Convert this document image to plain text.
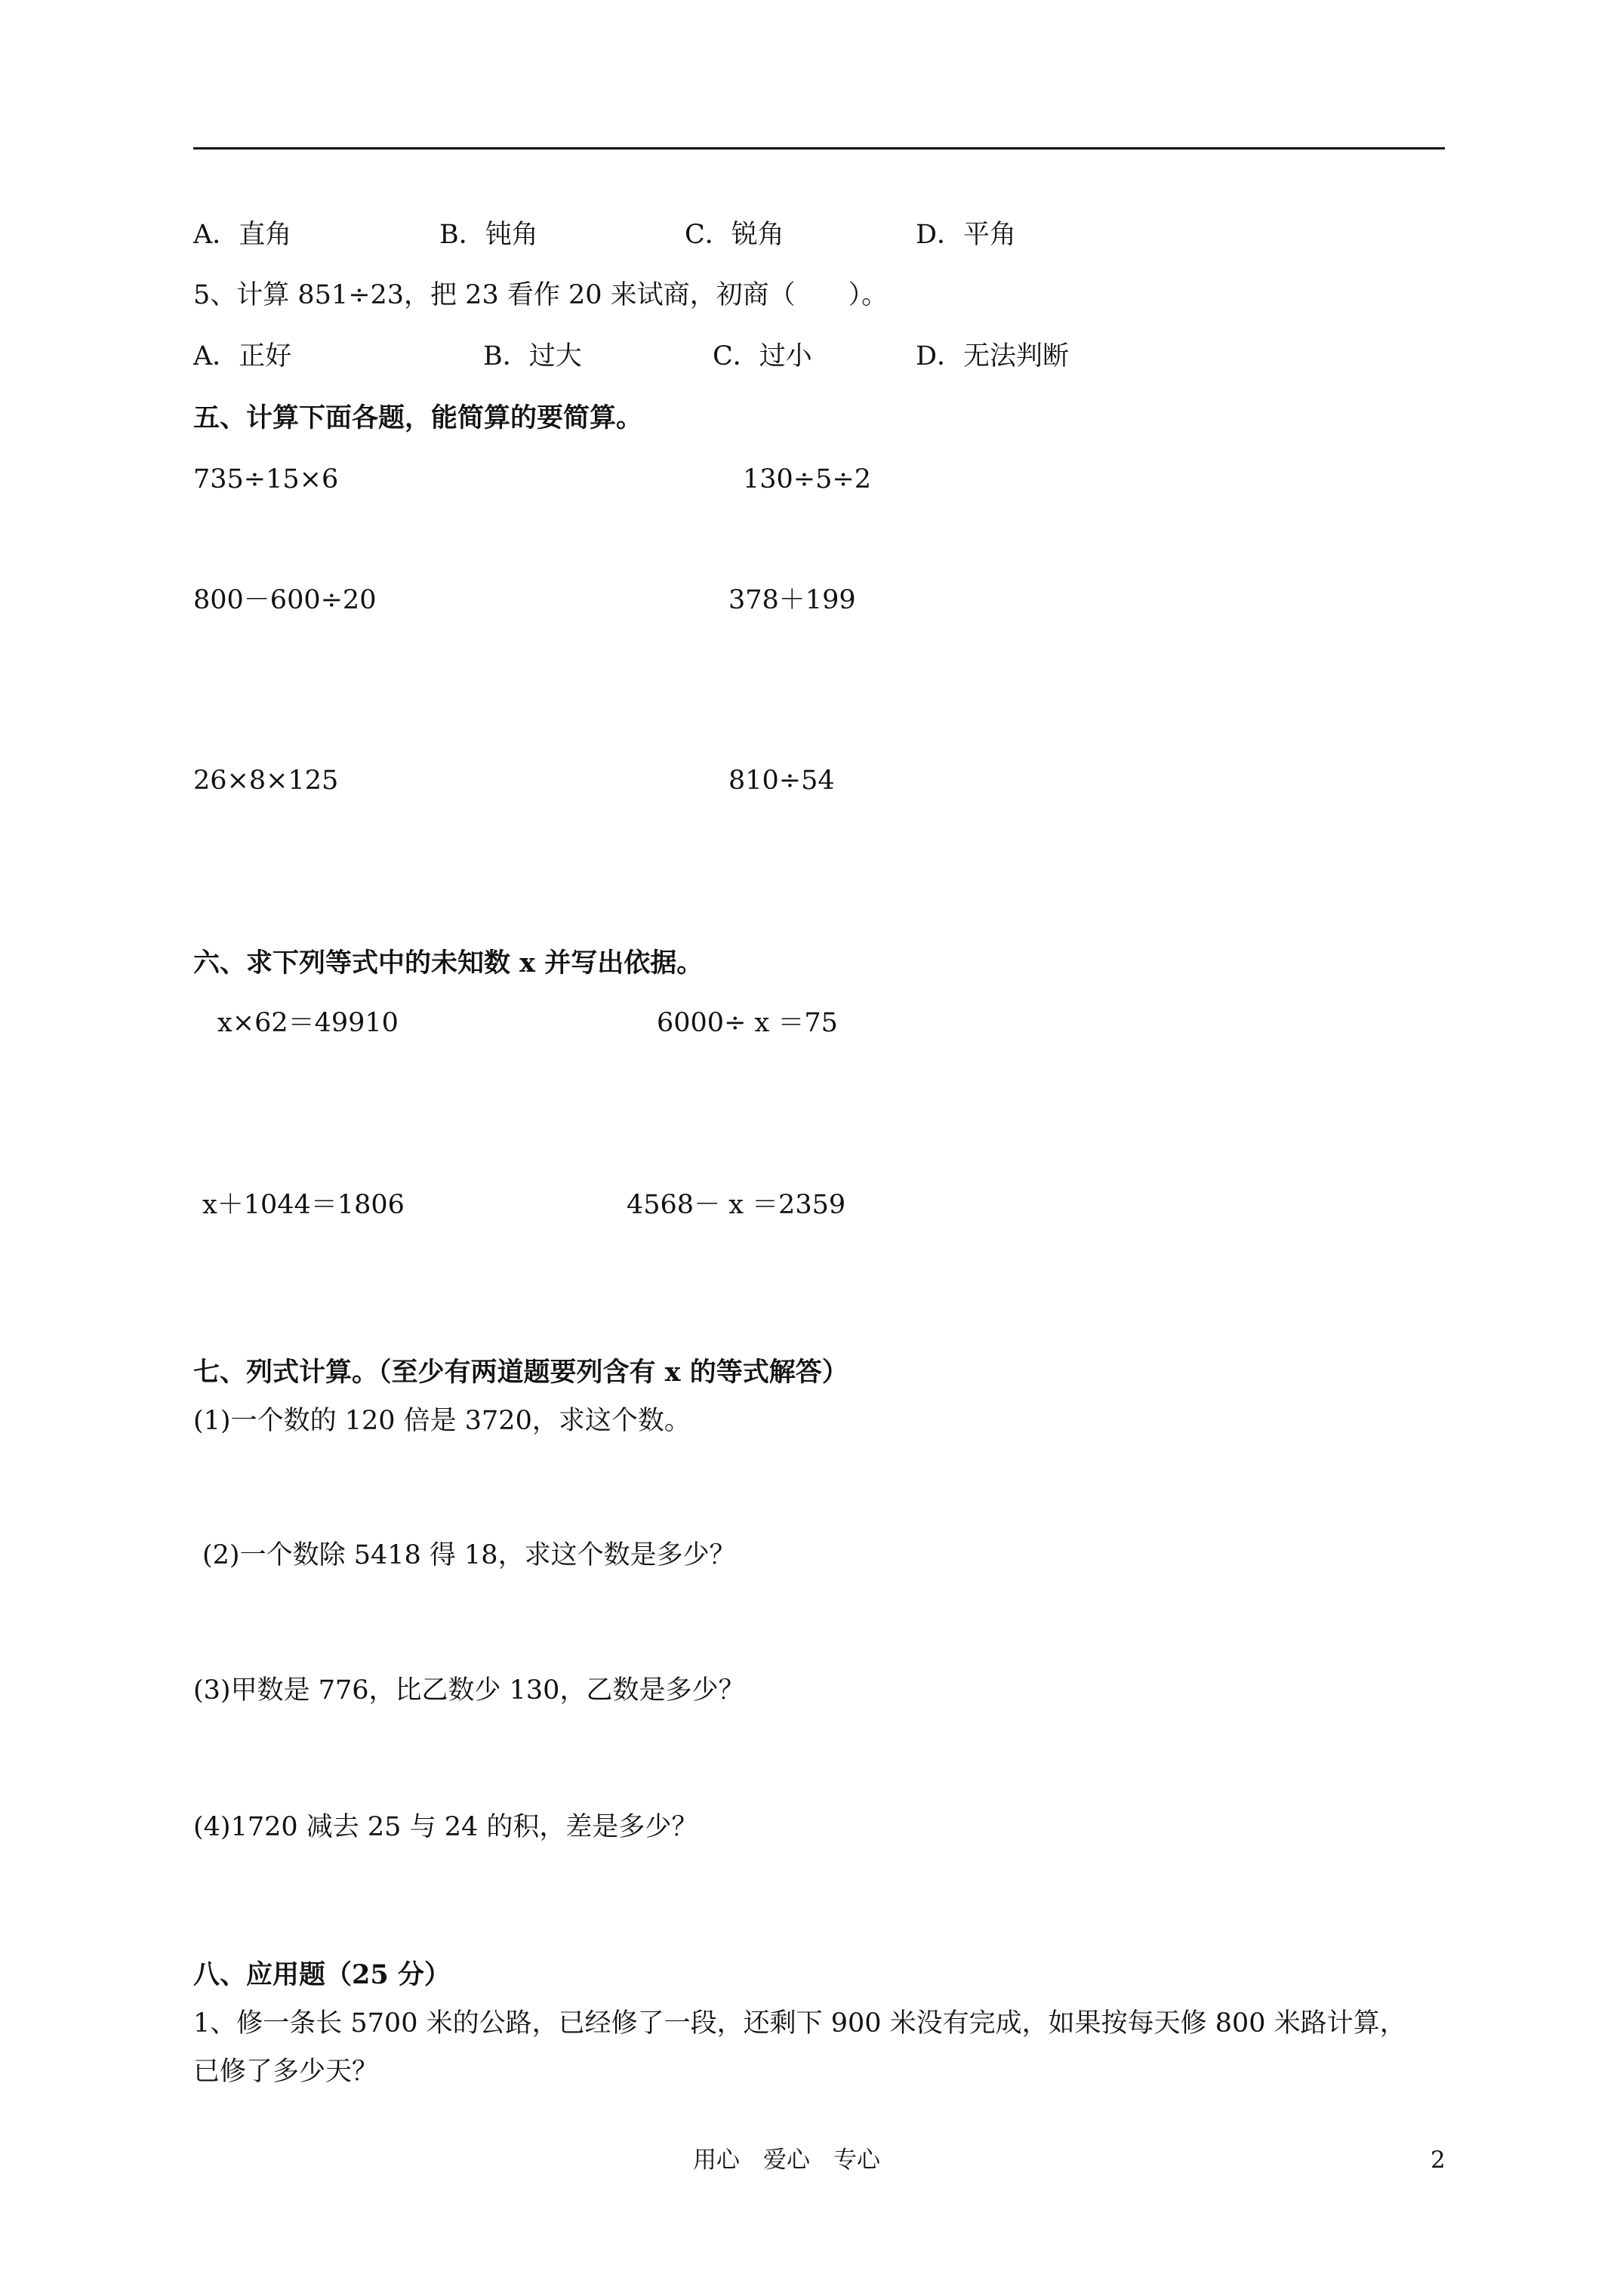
A．直角	B．钝角	C．锐角	D．平角
5、计算 851÷23，把 23 看作 20 来试商，初商（　　）。
A．正好	B．过大	C．过小	D．无法判断
五、计算下面各题，能简算的要简算。
735÷15×6	130÷5÷2
800－600÷20	378＋199
26×8×125	810÷54
六、求下列等式中的未知数 x 并写出依据。
x×62＝49910	6000÷ x ＝75
x＋1044＝1806	4568－ x ＝2359
七、列式计算。（至少有两道题要列含有 x 的等式解答）
(1)一个数的 120 倍是 3720，求这个数。
(2)一个数除 5418 得 18，求这个数是多少？
(3)甲数是 776，比乙数少 130，乙数是多少？
(4)1720 减去 25 与 24 的积，差是多少？
八、应用题（25 分）
1、修一条长 5700 米的公路，已经修了一段，还剩下 900 米没有完成，如果按每天修 800 米路计算，
已修了多少天？
用心　爱心　专心	2
